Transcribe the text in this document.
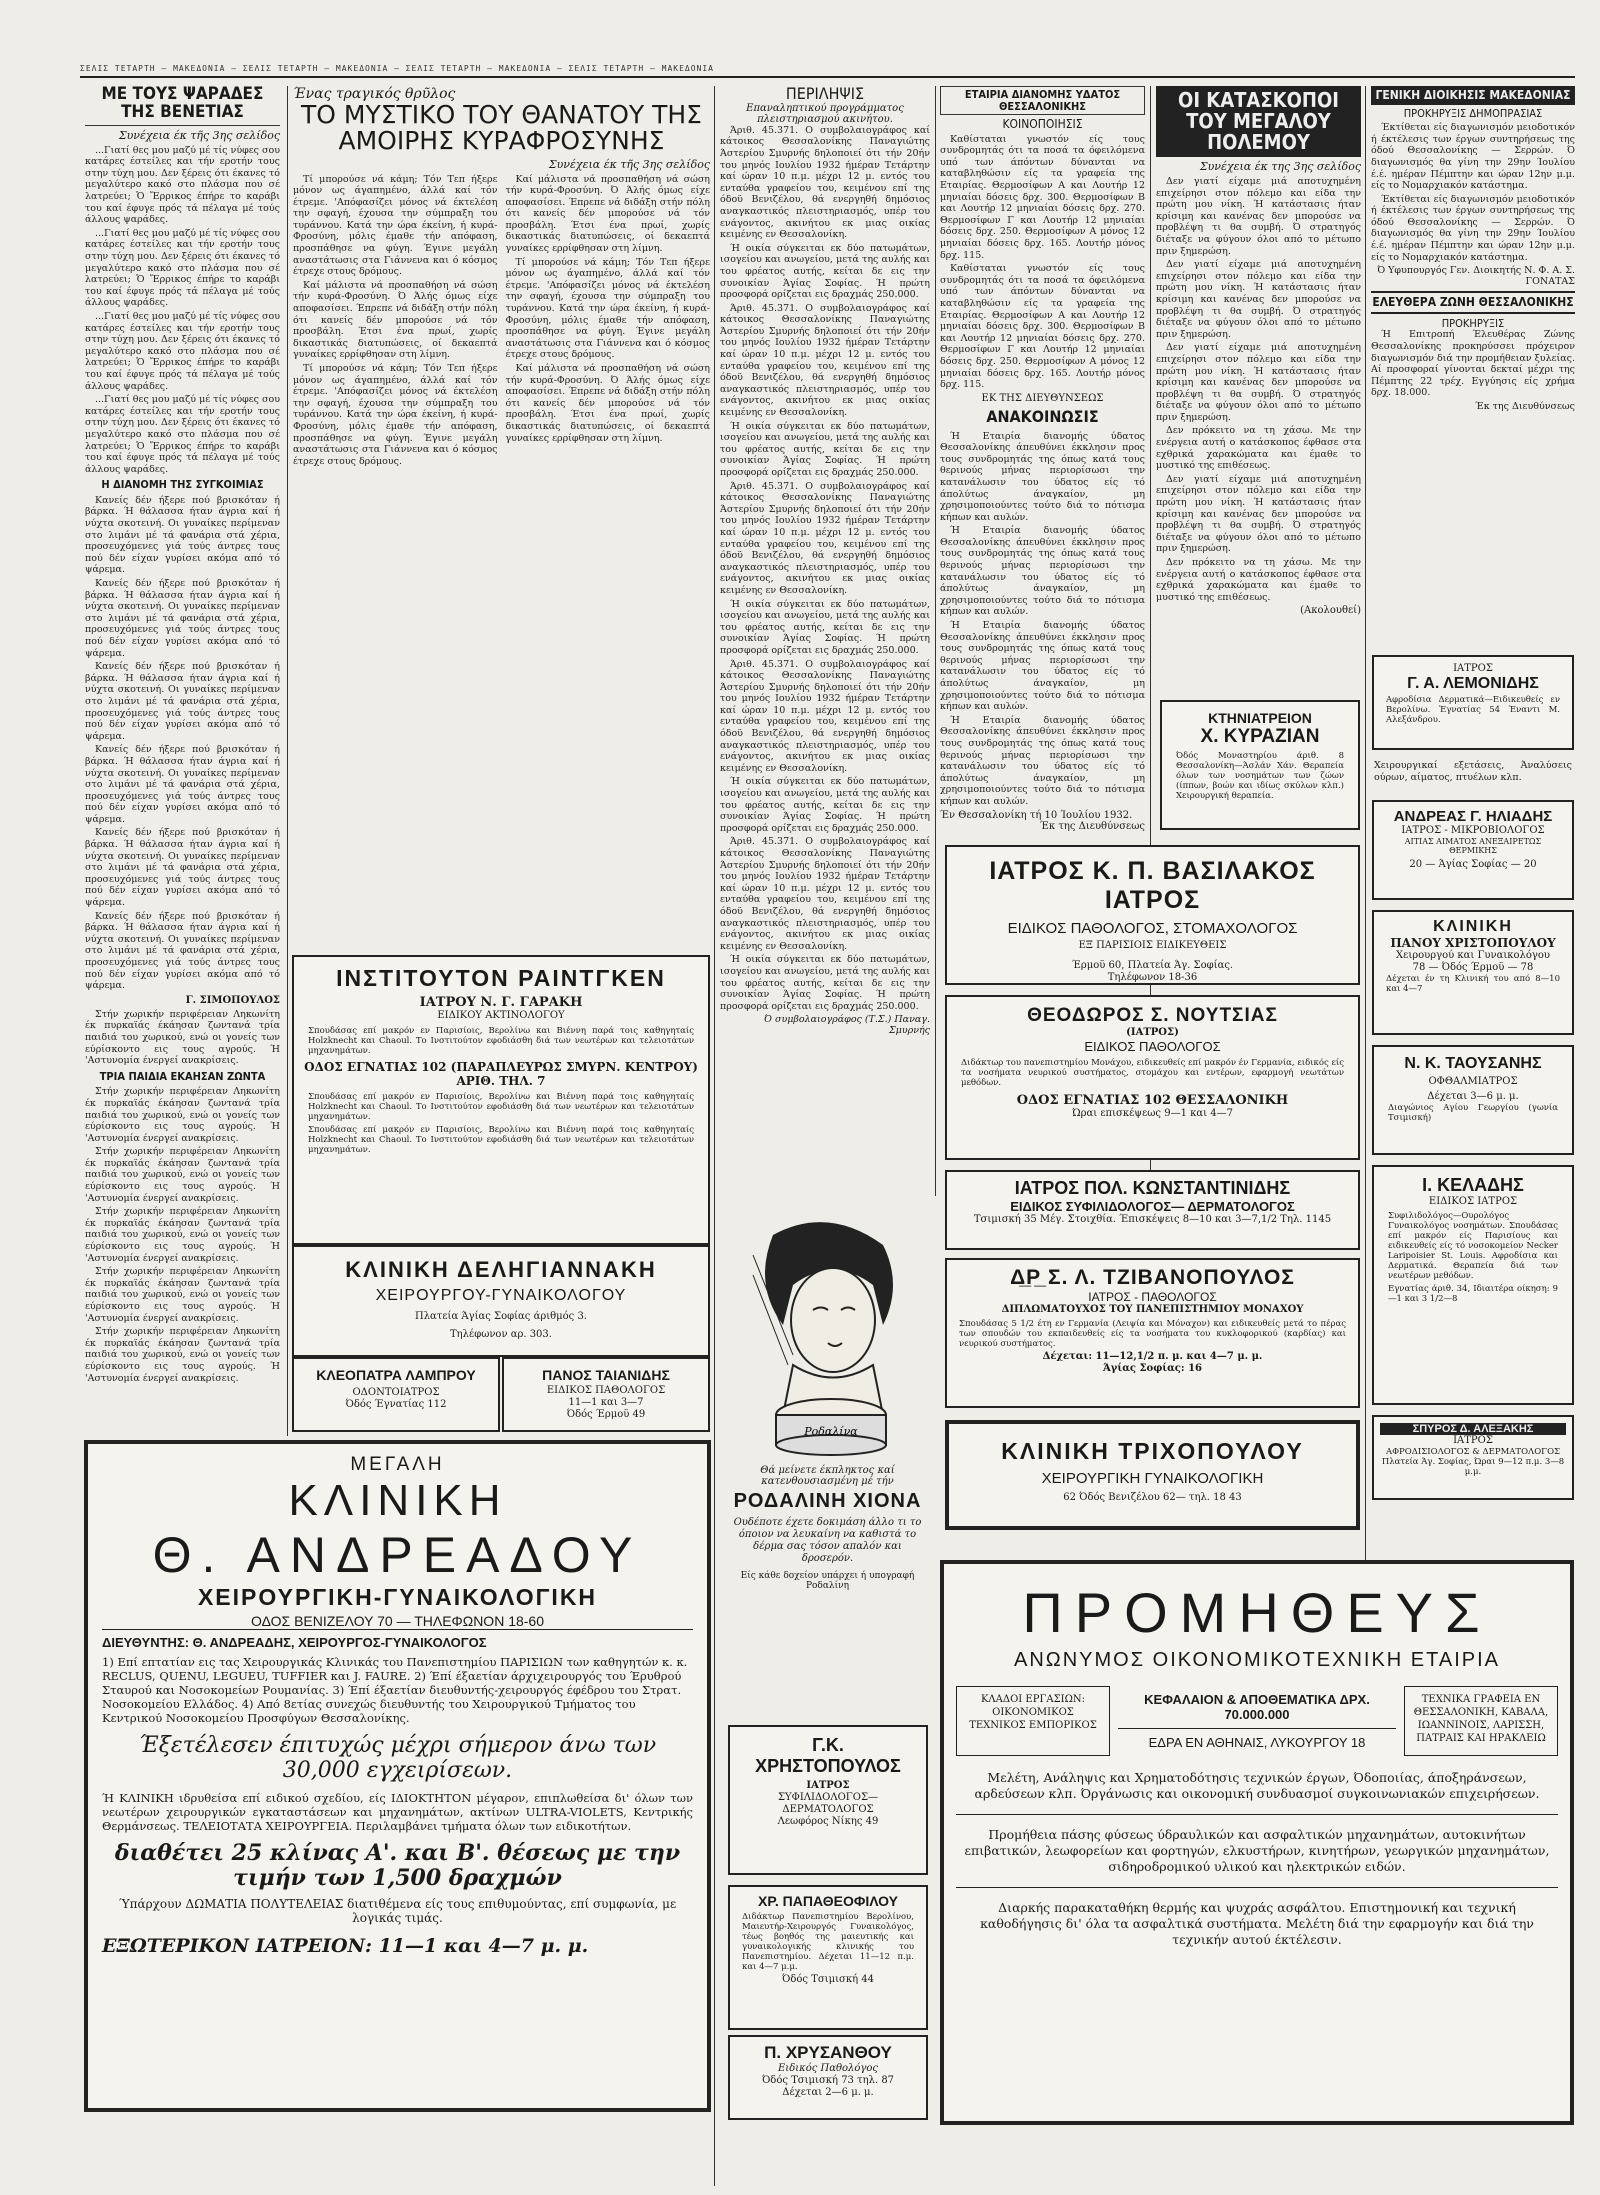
ΣΕΛΙΣ ΤΕΤΑΡΤΗ — ΜΑΚΕΔΟΝΙΑ — ΣΕΛΙΣ ΤΕΤΑΡΤΗ — ΜΑΚΕΔΟΝΙΑ — ΣΕΛΙΣ ΤΕΤΑΡΤΗ — ΜΑΚΕΔΟΝΙΑ — ΣΕΛΙΣ ΤΕΤΑΡΤΗ — ΜΑΚΕΔΟΝΙΑ
ΜΕ ΤΟΥΣ ΨΑΡΑΔΕΣ ΤΗΣ ΒΕΝΕΤΙΑΣ
Συνέχεια έκ τῆς 3ης σελίδος

...Γιατί θες μου μαζύ μέ τίς νύφες σου κατάρες έστείλες και τήν εροτήν τους στην τύχη μου. Δεν ξέρεις ότι έκανες τό μεγαλύτερο κακό στο πλάσμα που σέ λατρεύει; Ὁ Ἔρρικος έπήρε το καράβι του καί έφυγε πρός τά πέλαγα μέ τούς άλλους ψαράδες.

...Γιατί θες μου μαζύ μέ τίς νύφες σου κατάρες έστείλες και τήν εροτήν τους στην τύχη μου. Δεν ξέρεις ότι έκανες τό μεγαλύτερο κακό στο πλάσμα που σέ λατρεύει; Ὁ Ἔρρικος έπήρε το καράβι του καί έφυγε πρός τά πέλαγα μέ τούς άλλους ψαράδες.

...Γιατί θες μου μαζύ μέ τίς νύφες σου κατάρες έστείλες και τήν εροτήν τους στην τύχη μου. Δεν ξέρεις ότι έκανες τό μεγαλύτερο κακό στο πλάσμα που σέ λατρεύει; Ὁ Ἔρρικος έπήρε το καράβι του καί έφυγε πρός τά πέλαγα μέ τούς άλλους ψαράδες.

...Γιατί θες μου μαζύ μέ τίς νύφες σου κατάρες έστείλες και τήν εροτήν τους στην τύχη μου. Δεν ξέρεις ότι έκανες τό μεγαλύτερο κακό στο πλάσμα που σέ λατρεύει; Ὁ Ἔρρικος έπήρε το καράβι του καί έφυγε πρός τά πέλαγα μέ τούς άλλους ψαράδες.

Η ΔΙΑΝΟΜΗ ΤΗΣ ΣΥΓΚΟΙΜΙΑΣ

Κανείς δέν ήξερε πού βρισκόταν ή βάρκα. Ή θάλασσα ήταν άγρια καί ή νύχτα σκοτεινή. Οι γυναίκες περίμεναν στο λιμάνι μέ τά φανάρια στά χέρια, προσευχόμενες γιά τούς άντρες τους πού δέν είχαν γυρίσει ακόμα από τό ψάρεμα.

Κανείς δέν ήξερε πού βρισκόταν ή βάρκα. Ή θάλασσα ήταν άγρια καί ή νύχτα σκοτεινή. Οι γυναίκες περίμεναν στο λιμάνι μέ τά φανάρια στά χέρια, προσευχόμενες γιά τούς άντρες τους πού δέν είχαν γυρίσει ακόμα από τό ψάρεμα.

Κανείς δέν ήξερε πού βρισκόταν ή βάρκα. Ή θάλασσα ήταν άγρια καί ή νύχτα σκοτεινή. Οι γυναίκες περίμεναν στο λιμάνι μέ τά φανάρια στά χέρια, προσευχόμενες γιά τούς άντρες τους πού δέν είχαν γυρίσει ακόμα από τό ψάρεμα.

Κανείς δέν ήξερε πού βρισκόταν ή βάρκα. Ή θάλασσα ήταν άγρια καί ή νύχτα σκοτεινή. Οι γυναίκες περίμεναν στο λιμάνι μέ τά φανάρια στά χέρια, προσευχόμενες γιά τούς άντρες τους πού δέν είχαν γυρίσει ακόμα από τό ψάρεμα.

Κανείς δέν ήξερε πού βρισκόταν ή βάρκα. Ή θάλασσα ήταν άγρια καί ή νύχτα σκοτεινή. Οι γυναίκες περίμεναν στο λιμάνι μέ τά φανάρια στά χέρια, προσευχόμενες γιά τούς άντρες τους πού δέν είχαν γυρίσει ακόμα από τό ψάρεμα.

Κανείς δέν ήξερε πού βρισκόταν ή βάρκα. Ή θάλασσα ήταν άγρια καί ή νύχτα σκοτεινή. Οι γυναίκες περίμεναν στο λιμάνι μέ τά φανάρια στά χέρια, προσευχόμενες γιά τούς άντρες τους πού δέν είχαν γυρίσει ακόμα από τό ψάρεμα.

Γ. ΣΙΜΟΠΟΥΛΟΣ

Στήν χωρικήν περιφέρειαν Ληκωνίτη έκ πυρκαϊάς έκάησαν ζωντανά τρία παιδιά του χωρικού, ενώ οι γονείς των εύρίσκοντο εις τους αγρούς. Ή 'Αστυνομία ένεργεί ανακρίσεις.

ΤΡΙΑ ΠΑΙΔΙΑ ΕΚΑΗΣΑΝ ΖΩΝΤΑ

Στήν χωρικήν περιφέρειαν Ληκωνίτη έκ πυρκαϊάς έκάησαν ζωντανά τρία παιδιά του χωρικού, ενώ οι γονείς των εύρίσκοντο εις τους αγρούς. Ή 'Αστυνομία ένεργεί ανακρίσεις.

Στήν χωρικήν περιφέρειαν Ληκωνίτη έκ πυρκαϊάς έκάησαν ζωντανά τρία παιδιά του χωρικού, ενώ οι γονείς των εύρίσκοντο εις τους αγρούς. Ή 'Αστυνομία ένεργεί ανακρίσεις.

Στήν χωρικήν περιφέρειαν Ληκωνίτη έκ πυρκαϊάς έκάησαν ζωντανά τρία παιδιά του χωρικού, ενώ οι γονείς των εύρίσκοντο εις τους αγρούς. Ή 'Αστυνομία ένεργεί ανακρίσεις.

Στήν χωρικήν περιφέρειαν Ληκωνίτη έκ πυρκαϊάς έκάησαν ζωντανά τρία παιδιά του χωρικού, ενώ οι γονείς των εύρίσκοντο εις τους αγρούς. Ή 'Αστυνομία ένεργεί ανακρίσεις.

Στήν χωρικήν περιφέρειαν Ληκωνίτη έκ πυρκαϊάς έκάησαν ζωντανά τρία παιδιά του χωρικού, ενώ οι γονείς των εύρίσκοντο εις τους αγρούς. Ή 'Αστυνομία ένεργεί ανακρίσεις.

Ένας τραγικός θρῦλος
ΤΟ ΜΥΣΤΙΚΟ ΤΟΥ ΘΑΝΑΤΟΥ ΤΗΣ ΑΜΟΙΡΗΣ ΚΥΡΑΦΡΟΣΥΝΗΣ
Συνέχεια έκ τῆς 3ης σελίδος

Τί μπορούσε νά κάμη; Τόν Τεπ ήξερε μόνον ως άγαπημένο, άλλά καί τόν έτρεμε. 'Απόφασίζει μόνος νά έκτελέση την σφαγή, έχουσα την σύμπραξη του τυράννου. Κατά την ώρα έκείνη, ή κυρά-Φροσύνη, μόλις έμαθε τήν απόφαση, προσπάθησε να φύγη. Έγινε μεγάλη αναστάτωσις στα Γιάννενα και ό κόσμος έτρεχε στους δρόμους.

Καί μάλιστα νά προσπαθήση νά σώση τήν κυρά-Φροσύνη. Ό Άλής όμως είχε αποφασίσει. Έπρεπε νά διδάξη στήν πόλη ότι κανείς δέν μπορούσε νά τόν προσβάλη. Έτσι ένα πρωί, χωρίς δικαστικάς διατυπώσεις, οί δεκαεπτά γυναίκες ερρίφθησαν στη λίμνη.

Τί μπορούσε νά κάμη; Τόν Τεπ ήξερε μόνον ως άγαπημένο, άλλά καί τόν έτρεμε. 'Απόφασίζει μόνος νά έκτελέση την σφαγή, έχουσα την σύμπραξη του τυράννου. Κατά την ώρα έκείνη, ή κυρά-Φροσύνη, μόλις έμαθε τήν απόφαση, προσπάθησε να φύγη. Έγινε μεγάλη αναστάτωσις στα Γιάννενα και ό κόσμος έτρεχε στους δρόμους.

Καί μάλιστα νά προσπαθήση νά σώση τήν κυρά-Φροσύνη. Ό Άλής όμως είχε αποφασίσει. Έπρεπε νά διδάξη στήν πόλη ότι κανείς δέν μπορούσε νά τόν προσβάλη. Έτσι ένα πρωί, χωρίς δικαστικάς διατυπώσεις, οί δεκαεπτά γυναίκες ερρίφθησαν στη λίμνη.

Τί μπορούσε νά κάμη; Τόν Τεπ ήξερε μόνον ως άγαπημένο, άλλά καί τόν έτρεμε. 'Απόφασίζει μόνος νά έκτελέση την σφαγή, έχουσα την σύμπραξη του τυράννου. Κατά την ώρα έκείνη, ή κυρά-Φροσύνη, μόλις έμαθε τήν απόφαση, προσπάθησε να φύγη. Έγινε μεγάλη αναστάτωσις στα Γιάννενα και ό κόσμος έτρεχε στους δρόμους.

Καί μάλιστα νά προσπαθήση νά σώση τήν κυρά-Φροσύνη. Ό Άλής όμως είχε αποφασίσει. Έπρεπε νά διδάξη στήν πόλη ότι κανείς δέν μπορούσε νά τόν προσβάλη. Έτσι ένα πρωί, χωρίς δικαστικάς διατυπώσεις, οί δεκαεπτά γυναίκες ερρίφθησαν στη λίμνη.

ΙΝΣΤΙΤΟΥΤΟΝ ΡΑΙΝΤΓΚΕΝ
ΙΑΤΡΟΥ Ν. Γ. ΓΑΡΑΚΗ
ΕΙΔΙΚΟΥ ΑΚΤΙΝΟΛΟΓΟΥ
Σπουδάσας επί μακρόν εν Παρισίοις, Βερολίνω και Βιέννη παρά τοις καθηγηταίς Holzknecht και Chaoul. Το Ινστιτούτον εφοδιάσθη διά των νεωτέρων και τελειοτάτων μηχανημάτων.
ΟΔΟΣ ΕΓΝΑΤΙΑΣ 102 (ΠΑΡΑΠΛΕΥΡΩΣ ΣΜΥΡΝ. ΚΕΝΤΡΟΥ) ΑΡΙΘ. ΤΗΛ. 7
Σπουδάσας επί μακρόν εν Παρισίοις, Βερολίνω και Βιέννη παρά τοις καθηγηταίς Holzknecht και Chaoul. Το Ινστιτούτον εφοδιάσθη διά των νεωτέρων και τελειοτάτων μηχανημάτων.
Σπουδάσας επί μακρόν εν Παρισίοις, Βερολίνω και Βιέννη παρά τοις καθηγηταίς Holzknecht και Chaoul. Το Ινστιτούτον εφοδιάσθη διά των νεωτέρων και τελειοτάτων μηχανημάτων.
ΚΛΙΝΙΚΗ ΔΕΛΗΓΙΑΝΝΑΚΗ
ΧΕΙΡΟΥΡΓΟΥ-ΓΥΝΑΙΚΟΛΟΓΟΥ
Πλατεία Άγίας Σοφίας άριθμός 3.
Τηλέφωνον αρ. 303.
ΚΛΕΟΠΑΤΡΑ ΛΑΜΠΡΟΥ
ΟΔΟΝΤΟΙΑΤΡΟΣ
Όδός Έγνατίας 112
ΠΑΝΟΣ ΤΑΙΑΝΙΔΗΣ
ΕΙΔΙΚΟΣ ΠΑΘΟΛΟΓΟΣ
11—1 και 3—7
Όδός Έρμοϋ 49
ΜΕΓΑΛΗ
ΚΛΙΝΙΚΗ
Θ. ΑΝΔΡΕΑΔΟΥ
ΧΕΙΡΟΥΡΓΙΚΗ-ΓΥΝΑΙΚΟΛΟΓΙΚΗ
ΟΔΟΣ ΒΕΝΙΖΕΛΟΥ 70 — ΤΗΛΕΦΩΝΟΝ 18-60
ΔΙΕΥΘΥΝΤΗΣ: Θ. ΑΝΔΡΕΑΔΗΣ, ΧΕΙΡΟΥΡΓΟΣ-ΓΥΝΑΙΚΟΛΟΓΟΣ
1) Επί επτατίαν εις τας Χειρουργικάς Κλινικάς του Πανεπιστημίου ΠΑΡΙΣΙΩΝ των καθηγητών κ. κ. RECLUS, QUENU, LEGUEU, TUFFIER και J. FAURE. 2) Έπί έξαετίαν άρχιχειρουργός του Έρυθρού Σταυρού και Νοσοκομείων Ρουμανίας. 3) Έπί έξαετίαν διευθυντής-χειρουργός έφέδρου του Στρατ. Νοσοκομείου Ελλάδος. 4) Από 8ετίας συνεχώς διευθυντής του Χειρουργικού Τμήματος του Κεντρικού Νοσοκομείου Προσφύγων Θεσσαλονίκης.
Έξετέλεσεν έπιτυχώς μέχρι σήμερον άνω των 30,000 εγχειρίσεων.
Ή ΚΛΙΝΙΚΗ ιδρυθείσα επί ειδικού σχεδίου, είς ΙΔΙΟΚΤΗΤΟΝ μέγαρον, επιπλωθείσα δι' όλων των νεωτέρων χειρουργικών εγκαταστάσεων και μηχανημάτων, ακτίνων ULTRA-VIOLETS, Κεντρικής Θερμάνσεως. ΤΕΛΕΙΟΤΑΤΑ ΧΕΙΡΟΥΡΓΕΙΑ. Περιλαμβάνει τμήματα όλων των ειδικοτήτων.
διαθέτει 25 κλίνας Α'. και Β'. θέσεως με την τιμήν των 1,500 δραχμών
Ύπάρχουν ΔΩΜΑΤΙΑ ΠΟΛΥΤΕΛΕΙΑΣ διατιθέμενα είς τους επιθυμούντας, επί συμφωνία, με λογικάς τιμάς.
ΕΞΩΤΕΡΙΚΟΝ ΙΑΤΡΕΙΟΝ: 11—1 και 4—7 μ. μ.
ΠΕΡΙΛΗΨΙΣ
Επαναληπτικού προγράμματος πλειστηριασμού ακινήτου.

Άριθ. 45.371. Ο συμβολαιογράφος καί κάτοικος Θεσσαλονίκης Παναγιώτης Άστερίου Σμυρνής δηλοποιεί ότι τήν 20ήν του μηνός Ιουλίου 1932 ήμέραν Τετάρτην καί ώραν 10 π.μ. μέχρι 12 μ. εντός του ενταύθα γραφείου του, κειμένου επί της όδοϋ Βενιζέλου, θά ενεργηθή δημόσιος αναγκαστικός πλειστηριασμός, υπέρ του ενάγοντος, ακινήτου εκ μιας οικίας κειμένης εν Θεσσαλονίκη.

Ή οικία σύγκειται εκ δύο πατωμάτων, ισογείου και ανωγείου, μετά της αυλής και του φρέατος αυτής, κείται δε εις την συνοικίαν Άγίας Σοφίας. Ή πρώτη προσφορά ορίζεται εις δραχμάς 250.000.

Άριθ. 45.371. Ο συμβολαιογράφος καί κάτοικος Θεσσαλονίκης Παναγιώτης Άστερίου Σμυρνής δηλοποιεί ότι τήν 20ήν του μηνός Ιουλίου 1932 ήμέραν Τετάρτην καί ώραν 10 π.μ. μέχρι 12 μ. εντός του ενταύθα γραφείου του, κειμένου επί της όδοϋ Βενιζέλου, θά ενεργηθή δημόσιος αναγκαστικός πλειστηριασμός, υπέρ του ενάγοντος, ακινήτου εκ μιας οικίας κειμένης εν Θεσσαλονίκη.

Ή οικία σύγκειται εκ δύο πατωμάτων, ισογείου και ανωγείου, μετά της αυλής και του φρέατος αυτής, κείται δε εις την συνοικίαν Άγίας Σοφίας. Ή πρώτη προσφορά ορίζεται εις δραχμάς 250.000.

Άριθ. 45.371. Ο συμβολαιογράφος καί κάτοικος Θεσσαλονίκης Παναγιώτης Άστερίου Σμυρνής δηλοποιεί ότι τήν 20ήν του μηνός Ιουλίου 1932 ήμέραν Τετάρτην καί ώραν 10 π.μ. μέχρι 12 μ. εντός του ενταύθα γραφείου του, κειμένου επί της όδοϋ Βενιζέλου, θά ενεργηθή δημόσιος αναγκαστικός πλειστηριασμός, υπέρ του ενάγοντος, ακινήτου εκ μιας οικίας κειμένης εν Θεσσαλονίκη.

Ή οικία σύγκειται εκ δύο πατωμάτων, ισογείου και ανωγείου, μετά της αυλής και του φρέατος αυτής, κείται δε εις την συνοικίαν Άγίας Σοφίας. Ή πρώτη προσφορά ορίζεται εις δραχμάς 250.000.

Άριθ. 45.371. Ο συμβολαιογράφος καί κάτοικος Θεσσαλονίκης Παναγιώτης Άστερίου Σμυρνής δηλοποιεί ότι τήν 20ήν του μηνός Ιουλίου 1932 ήμέραν Τετάρτην καί ώραν 10 π.μ. μέχρι 12 μ. εντός του ενταύθα γραφείου του, κειμένου επί της όδοϋ Βενιζέλου, θά ενεργηθή δημόσιος αναγκαστικός πλειστηριασμός, υπέρ του ενάγοντος, ακινήτου εκ μιας οικίας κειμένης εν Θεσσαλονίκη.

Ή οικία σύγκειται εκ δύο πατωμάτων, ισογείου και ανωγείου, μετά της αυλής και του φρέατος αυτής, κείται δε εις την συνοικίαν Άγίας Σοφίας. Ή πρώτη προσφορά ορίζεται εις δραχμάς 250.000.

Άριθ. 45.371. Ο συμβολαιογράφος καί κάτοικος Θεσσαλονίκης Παναγιώτης Άστερίου Σμυρνής δηλοποιεί ότι τήν 20ήν του μηνός Ιουλίου 1932 ήμέραν Τετάρτην καί ώραν 10 π.μ. μέχρι 12 μ. εντός του ενταύθα γραφείου του, κειμένου επί της όδοϋ Βενιζέλου, θά ενεργηθή δημόσιος αναγκαστικός πλειστηριασμός, υπέρ του ενάγοντος, ακινήτου εκ μιας οικίας κειμένης εν Θεσσαλονίκη.

Ή οικία σύγκειται εκ δύο πατωμάτων, ισογείου και ανωγείου, μετά της αυλής και του φρέατος αυτής, κείται δε εις την συνοικίαν Άγίας Σοφίας. Ή πρώτη προσφορά ορίζεται εις δραχμάς 250.000.

Ό συμβολαιογράφος (Τ.Σ.) Παναγ. Σμυρνής
Ροδαλίνα
Θά μείνετε έκπληκτος καί κατενθουσιασμένη μέ τήν
ΡΟΔΑΛΙΝΗ ΧΙΟΝΑ
Ουδέποτε έχετε δοκιμάση άλλο τι το όποιον να λευκαίνη να καθιστά το δέρμα σας τόσον απαλόν και δροσερόν.
Είς κάθε δοχείον υπάρχει ή υπογραφή Ροδαλίνη
Γ.Κ. ΧΡΗΣΤΟΠΟΥΛΟΣ
ΙΑΤΡΟΣ
ΣΥΦΙΛΙΔΟΛΟΓΟΣ—ΔΕΡΜΑΤΟΛΟΓΟΣ
Λεωφόρος Νίκης 49
ΧΡ. ΠΑΠΑΘΕΟΦΙΛΟΥ
Διδάκτωρ Πανεπιστημίου Βερολίνου, Μαιευτήρ-Χειρουργός Γυναικολόγος, τέως βοηθός της μαιευτικής και γυναικολογικής κλινικής του Πανεπιστημίου. Δέχεται 11—12 π.μ. και 4—7 μ.μ.
Όδός Τσιμισκή 44
Π. ΧΡΥΣΑΝΘΟΥ
Ειδικός Παθολόγος
Όδός Τσιμισκή 73 τηλ. 87
Δέχεται 2—6 μ. μ.
ΕΤΑΙΡΙΑ ΔΙΑΝΟΜΗΣ ΥΔΑΤΟΣ ΘΕΣΣΑΛΟΝΙΚΗΣ
ΚΟΙΝΟΠΟΙΗΣΙΣ

Καθίσταται γνωστόν είς τους συνδρομητάς ότι τα ποσά τα όφειλόμενα υπό των άπόντων δύνανται να καταβληθώσιν είς τα γραφεία της Εταιρίας. Θερμοσίφων Α και Λουτήρ 12 μηνιαίαι δόσεις δρχ. 300. Θερμοσίφων Β και Λουτήρ 12 μηνιαίαι δόσεις δρχ. 270. Θερμοσίφων Γ και Λουτήρ 12 μηνιαίαι δόσεις δρχ. 250. Θερμοσίφων Α μόνος 12 μηνιαίαι δόσεις δρχ. 165. Λουτήρ μόνος δρχ. 115.

Καθίσταται γνωστόν είς τους συνδρομητάς ότι τα ποσά τα όφειλόμενα υπό των άπόντων δύνανται να καταβληθώσιν είς τα γραφεία της Εταιρίας. Θερμοσίφων Α και Λουτήρ 12 μηνιαίαι δόσεις δρχ. 300. Θερμοσίφων Β και Λουτήρ 12 μηνιαίαι δόσεις δρχ. 270. Θερμοσίφων Γ και Λουτήρ 12 μηνιαίαι δόσεις δρχ. 250. Θερμοσίφων Α μόνος 12 μηνιαίαι δόσεις δρχ. 165. Λουτήρ μόνος δρχ. 115.

ΕΚ ΤΗΣ ΔΙΕΥΘΥΝΣΕΩΣ
ΑΝΑΚΟΙΝΩΣΙΣ

Ή Εταιρία διανομής ύδατος Θεσσαλονίκης άπευθύνει έκκλησιν προς τους συνδρομητάς της όπως κατά τους θερινούς μήνας περιορίσωσι την κατανάλωσιν του ύδατος είς τό άπολύτως άναγκαίον, μη χρησιμοποιούντες τούτο διά το πότισμα κήπων και αυλών.

Ή Εταιρία διανομής ύδατος Θεσσαλονίκης άπευθύνει έκκλησιν προς τους συνδρομητάς της όπως κατά τους θερινούς μήνας περιορίσωσι την κατανάλωσιν του ύδατος είς τό άπολύτως άναγκαίον, μη χρησιμοποιούντες τούτο διά το πότισμα κήπων και αυλών.

Ή Εταιρία διανομής ύδατος Θεσσαλονίκης άπευθύνει έκκλησιν προς τους συνδρομητάς της όπως κατά τους θερινούς μήνας περιορίσωσι την κατανάλωσιν του ύδατος είς τό άπολύτως άναγκαίον, μη χρησιμοποιούντες τούτο διά το πότισμα κήπων και αυλών.

Ή Εταιρία διανομής ύδατος Θεσσαλονίκης άπευθύνει έκκλησιν προς τους συνδρομητάς της όπως κατά τους θερινούς μήνας περιορίσωσι την κατανάλωσιν του ύδατος είς τό άπολύτως άναγκαίον, μη χρησιμοποιούντες τούτο διά το πότισμα κήπων και αυλών.

Έν Θεσσαλονίκη τή 10 Ίουλίου 1932.
Έκ της Διευθύνσεως
ΟΙ ΚΑΤΑΣΚΟΠΟΙ ΤΟΥ ΜΕΓΑΛΟΥ ΠΟΛΕΜΟΥ
Συνέχεια έκ της 3ης σελίδος

Δεν γιατί είχαμε μιά αποτυχημένη επιχείρησι στον πόλεμο και είδα την πρώτη μου νίκη. Ή κατάστασις ήταν κρίσιμη και κανένας δεν μπορούσε να προβλέψη τι θα συμβή. Ό στρατηγός διέταξε να φύγουν όλοι από το μέτωπο πριν ξημερώση.

Δεν γιατί είχαμε μιά αποτυχημένη επιχείρησι στον πόλεμο και είδα την πρώτη μου νίκη. Ή κατάστασις ήταν κρίσιμη και κανένας δεν μπορούσε να προβλέψη τι θα συμβή. Ό στρατηγός διέταξε να φύγουν όλοι από το μέτωπο πριν ξημερώση.

Δεν γιατί είχαμε μιά αποτυχημένη επιχείρησι στον πόλεμο και είδα την πρώτη μου νίκη. Ή κατάστασις ήταν κρίσιμη και κανένας δεν μπορούσε να προβλέψη τι θα συμβή. Ό στρατηγός διέταξε να φύγουν όλοι από το μέτωπο πριν ξημερώση.

Δεν πρόκειτο να τη χάσω. Με την ενέργεια αυτή ο κατάσκοπος έφθασε στα εχθρικά χαρακώματα και έμαθε το μυστικό της επιθέσεως.

Δεν γιατί είχαμε μιά αποτυχημένη επιχείρησι στον πόλεμο και είδα την πρώτη μου νίκη. Ή κατάστασις ήταν κρίσιμη και κανένας δεν μπορούσε να προβλέψη τι θα συμβή. Ό στρατηγός διέταξε να φύγουν όλοι από το μέτωπο πριν ξημερώση.

Δεν πρόκειτο να τη χάσω. Με την ενέργεια αυτή ο κατάσκοπος έφθασε στα εχθρικά χαρακώματα και έμαθε το μυστικό της επιθέσεως.

(Ακολουθεί)
ΚΤΗΝΙΑΤΡΕΙΟΝ
Χ. ΚΥΡΑΖΙΑΝ
Όδός Μοναστηρίου άριθ. 8 Θεσσαλονίκη—Άσλάν Χάν. Θεραπεία όλων των νοσημάτων των ζώων (ίππων, βοών και ιδίως σκύλων κλπ.) Χειρουργική θεραπεία.
ΙΑΤΡΟΣ Κ. Π. ΒΑΣΙΛΑΚΟΣ ΙΑΤΡΟΣ
ΕΙΔΙΚΟΣ ΠΑΘΟΛΟΓΟΣ, ΣΤΟΜΑΧΟΛΟΓΟΣ
ΕΞ ΠΑΡΙΣΙΟΙΣ ΕΙΔΙΚΕΥΘΕΙΣ
Έρμοϋ 60, Πλατεία Άγ. Σοφίας.
Τηλέφωνον 18-36
ΘΕΟΔΩΡΟΣ Σ. ΝΟΥΤΣΙΑΣ
(ΙΑΤΡΟΣ)
ΕΙΔΙΚΟΣ ΠΑΘΟΛΟΓΟΣ
Διδάκτωρ του πανεπιστημίου Μονάχου, ειδικευθείς επί μακρόν έν Γερμανία, ειδικός είς τα νοσήματα νευρικού συστήματος, στομάχου και εντέρων, εφαρμογή νεωτάτων μεθόδων.
ΟΔΟΣ ΕΓΝΑΤΙΑΣ 102 ΘΕΣΣΑΛΟΝΙΚΗ
Ώραι επισκέψεως 9—1 και 4—7
ΙΑΤΡΟΣ ΠΟΛ. ΚΩΝΣΤΑΝΤΙΝΙΔΗΣ
ΕΙΔΙΚΟΣ ΣΥΦΙΛΙΔΟΛΟΓΟΣ— ΔΕΡΜΑΤΟΛΟΓΟΣ
Τσιμισκή 35 Μέγ. Στοιχθία. Έπισκέψεις 8—10 και 3—7,1/2 Τηλ. 1145
Δ̲Ρ̲ Σ. Λ. ΤΖΙΒΑΝΟΠΟΥΛΟΣ
ΙΑΤΡΟΣ - ΠΑΘΟΛΟΓΟΣ
ΔΙΠΛΩΜΑΤΟΥΧΟΣ ΤΟΥ ΠΑΝΕΠΙΣΤΗΜΙΟΥ ΜΟΝΑΧΟΥ
Σπουδάσας 5 1/2 έτη εν Γερμανία (Λειψία και Μόναχον) και ειδικευθείς μετά το πέρας των σπουδών του εκπαιδευθείς είς τα νοσήματα του κυκλοφορικού (καρδίας) και νευρικού συστήματος.
Δέχεται: 11—12,1/2 π. μ. και 4—7 μ. μ.
Άγίας Σοφίας: 16
ΚΛΙΝΙΚΗ ΤΡΙΧΟΠΟΥΛΟΥ
ΧΕΙΡΟΥΡΓΙΚΗ ΓΥΝΑΙΚΟΛΟΓΙΚΗ
62 Όδός Βενιζέλου 62— τηλ. 18 43
ΓΕΝΙΚΗ ΔΙΟΙΚΗΣΙΣ ΜΑΚΕΔΟΝΙΑΣ
ΠΡΟΚΗΡΥΞΙΣ ΔΗΜΟΠΡΑΣΙΑΣ

Έκτίθεται είς διαγωνισμόν μειοδοτικόν ή έκτέλεσις των έργων συντηρήσεως της όδού Θεσσαλονίκης — Σερρών. Ό διαγωνισμός θα γίνη την 29ην Ίουλίου έ.έ. ημέραν Πέμπτην και ώραν 12ην μ.μ. είς το Νομαρχιακόν κατάστημα.

Έκτίθεται είς διαγωνισμόν μειοδοτικόν ή έκτέλεσις των έργων συντηρήσεως της όδού Θεσσαλονίκης — Σερρών. Ό διαγωνισμός θα γίνη την 29ην Ίουλίου έ.έ. ημέραν Πέμπτην και ώραν 12ην μ.μ. είς το Νομαρχιακόν κατάστημα.

Ό Υφυπουργός Γεν. Διοικητής Ν. Φ. Α. Σ. ΓΟΝΑΤΑΣ
ΕΛΕΥΘΕΡΑ ΖΩΝΗ ΘΕΣΣΑΛΟΝΙΚΗΣ
ΠΡΟΚΗΡΥΞΙΣ

Ή Επιτροπή Έλευθέρας Ζώνης Θεσσαλονίκης προκηρύσσει πρόχειρον διαγωνισμόν διά την προμήθειαν ξυλείας. Αί προσφοραί γίνονται δεκταί μέχρι της Πέμπτης 22 τρέχ. Εγγύησις είς χρήμα δρχ. 18.000.

Έκ της Διευθύνσεως
ΙΑΤΡΟΣ
Γ. Α. ΛΕΜΟΝΙΔΗΣ
Αφροδίσια Δερματικά—Ειδικευθείς εν Βερολίνω. Έγνατίας 54 Έναντι Μ. Αλεξάνδρου.
Χειρουργικαί εξετάσεις, Άναλύσεις ούρων, αίματος, πτυέλων κλπ.
ΑΝΔΡΕΑΣ Γ. ΗΛΙΑΔΗΣ
ΙΑΤΡΟΣ - ΜΙΚΡΟΒΙΟΛΟΓΟΣ
ΑΙΤΙΑΣ ΑΙΜΑΤΟΣ ΑΝΕΞΑΙΡΕΤΩΣ ΘΕΡΜΙΚΗΣ
20 — Άγίας Σοφίας — 20
ΚΛΙΝΙΚΗ
ΠΑΝΟΥ ΧΡΙΣΤΟΠΟΥΛΟΥ
Χειρουργού και Γυναικολόγου
78 — Όδός Έρμοϋ — 78
Δέχεται έν τη Κλινική του από 8—10 και 4—7
Ν. Κ. ΤΑΟΥΣΑΝΗΣ
ΟΦΘΑΛΜΙΑΤΡΟΣ
Δέχεται 3—6 μ. μ.
Διαγώνιος Αγίου Γεωργίου (γωνία Τσιμισκή)
Ι. ΚΕΛΑΔΗΣ
ΕΙΔΙΚΟΣ ΙΑΤΡΟΣ
Συφιλιδολόγος—Ουρολόγος Γυναικολόγος νοσημάτων. Σπουδάσας επί μακρόν είς Παρισίους και ειδικευθείς είς τό νοσοκομείον Necker Laripoisier St. Louis. Αφροδίσια και Δερματικά. Θεραπεία διά των νεωτέρων μεθόδων.
Εγνατίας άριθ. 34, Ιδιαιτέρα οίκηση: 9—1 και 3 1/2—8
ΣΠΥΡΟΣ Δ. ΑΛΕΞΑΚΗΣ
ΙΑΤΡΟΣ
ΑΦΡΟΔΙΣΙΟΛΟΓΟΣ & ΔΕΡΜΑΤΟΛΟΓΟΣ
Πλατεία Άγ. Σοφίας, Ώραι 9—12 π.μ. 3—8 μ.μ.
ΠΡΟΜΗΘΕΥΣ
ΑΝΩΝΥΜΟΣ ΟΙΚΟΝΟΜΙΚΟΤΕΧΝΙΚΗ ΕΤΑΙΡΙΑ
ΚΛΑΔΟΙ ΕΡΓΑΣΙΩΝ: ΟΙΚΟΝΟΜΙΚΟΣ ΤΕΧΝΙΚΟΣ ΕΜΠΟΡΙΚΟΣ
ΚΕΦΑΛΑΙΟΝ & ΑΠΟΘΕΜΑΤΙΚΑ ΔΡΧ. 70.000.000
ΕΔΡΑ ΕΝ ΑΘΗΝΑΙΣ, ΛΥΚΟΥΡΓΟΥ 18
ΤΕΧΝΙΚΑ ΓΡΑΦΕΙΑ ΕΝ ΘΕΣΣΑΛΟΝΙΚΗ, ΚΑΒΑΛΑ, ΙΩΑΝΝΙΝΟΙΣ, ΛΑΡΙΣΣΗ, ΠΑΤΡΑΙΣ ΚΑΙ ΗΡΑΚΛΕΙΩ
Μελέτη, Ανάληψις και Χρηματοδότησις τεχνικών έργων, Όδοποιίας, άποξηράνσεων, αρδεύσεων κλπ. Όργάνωσις και οικονομική συνδυασμοί συγκοινωνιακών επιχειρήσεων.
Προμήθεια πάσης φύσεως ύδραυλικών και ασφαλτικών μηχανημάτων, αυτοκινήτων επιβατικών, λεωφορείων και φορτηγών, ελκυστήρων, κινητήρων, γεωργικών μηχανημάτων, σιδηροδρομικού υλικού και ηλεκτρικών ειδών.
Διαρκής παρακαταθήκη θερμής και ψυχράς ασφάλτου. Επιστημονική και τεχνική καθοδήγησις δι' όλα τα ασφαλτικά συστήματα. Μελέτη διά την εφαρμογήν και διά την τεχνικήν αυτού έκτέλεσιν.
